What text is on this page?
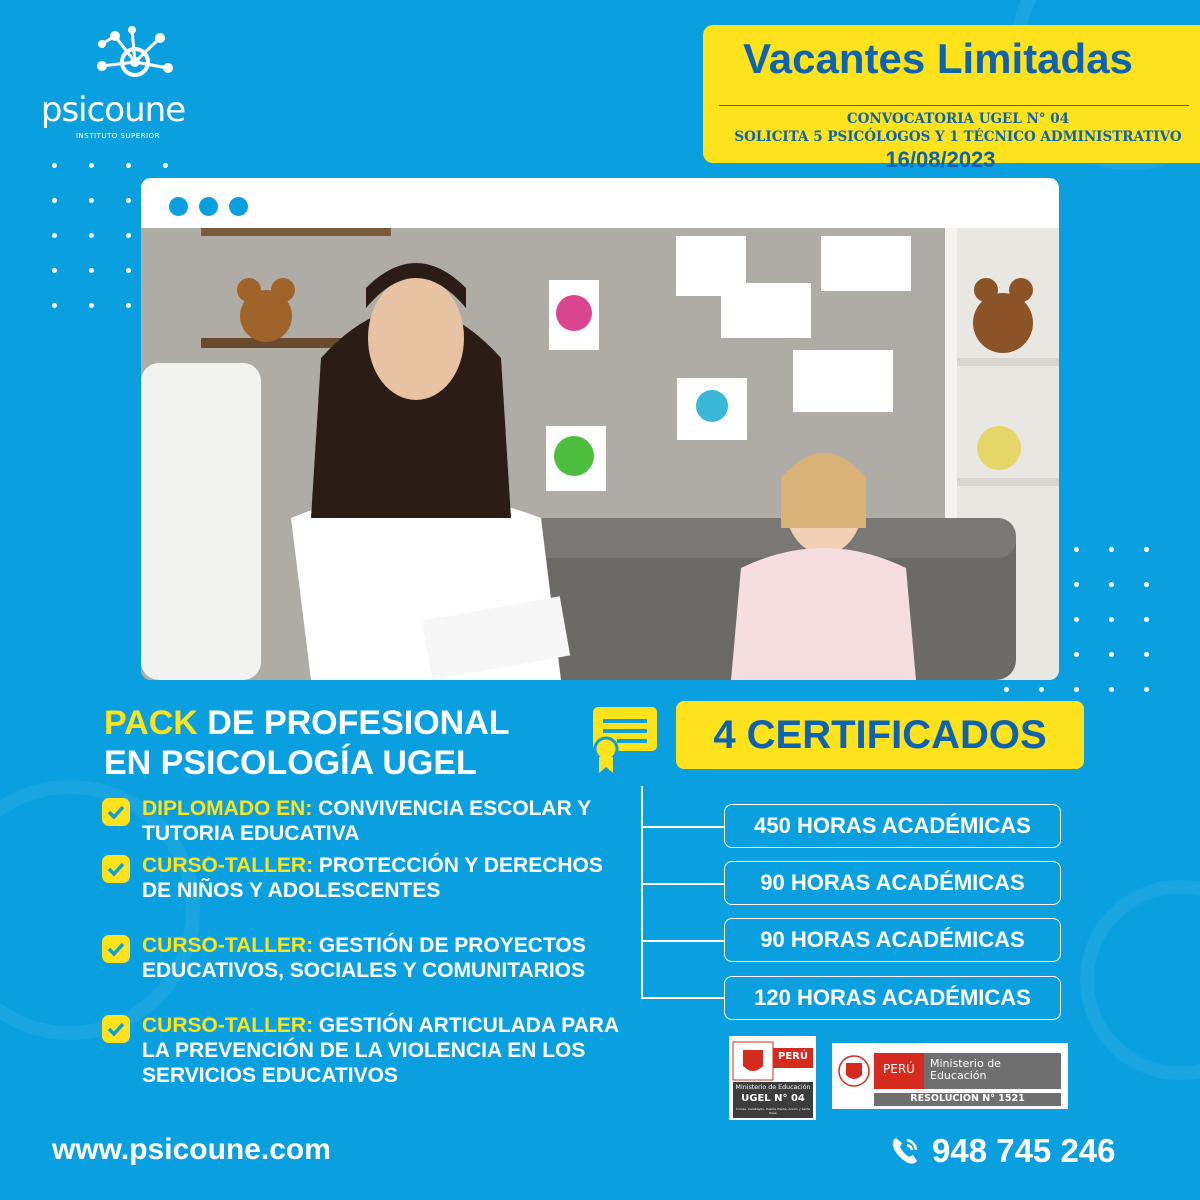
psicoune
INSTITUTO SUPERIOR
Vacantes Limitadas
CONVOCATORIA UGEL N° 04
SOLICITA 5 PSICÓLOGOS Y 1 TÉCNICO ADMINISTRATIVO
16/08/2023
PACK DE PROFESIONAL
EN PSICOLOGÍA UGEL
4 CERTIFICADOS
DIPLOMADO EN: CONVIVENCIA ESCOLAR Y TUTORIA EDUCATIVA
CURSO-TALLER: PROTECCIÓN Y DERECHOS DE NIÑOS Y ADOLESCENTES
CURSO-TALLER: GESTIÓN DE PROYECTOS EDUCATIVOS, SOCIALES Y COMUNITARIOS
CURSO-TALLER: GESTIÓN ARTICULADA PARA LA PREVENCIÓN DE LA VIOLENCIA EN LOS SERVICIOS EDUCATIVOS
450 HORAS ACADÉMICAS
90 HORAS ACADÉMICAS
90 HORAS ACADÉMICAS
120 HORAS ACADÉMICAS
PERÚ
Ministerio de Educación
UGEL N° 04
Comas, Carabayllo, Puente Piedra, Ancón y Santa Rosa
PERÚ	Ministerio de Educación
RESOLUCIÓN N° 1521
www.psicoune.com	948 745 246
